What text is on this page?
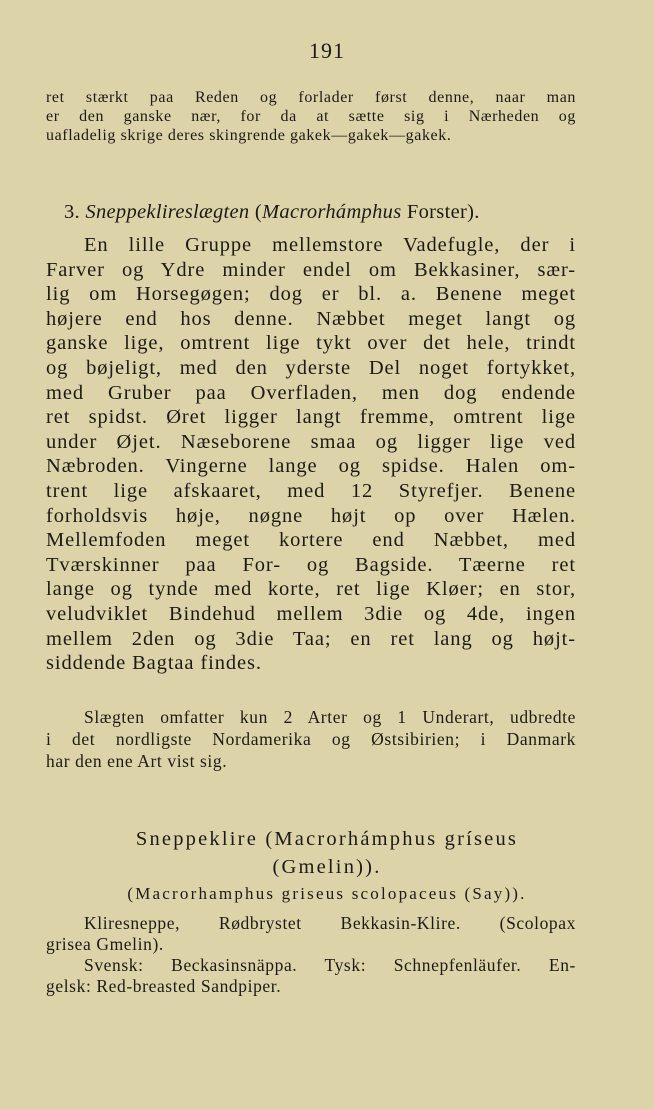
191
ret stærkt paa Reden og forlader først denne, naar man
er den ganske nær, for da at sætte sig i Nærheden og
uafladelig skrige deres skingrende gakek—gakek—gakek.
3. Sneppeklireslægten (Macrorhámphus Forster).
En lille Gruppe mellemstore Vadefugle, der i
Farver og Ydre minder endel om Bekkasiner, sær-
lig om Horsegøgen; dog er bl. a. Benene meget
højere end hos denne. Næbbet meget langt og
ganske lige, omtrent lige tykt over det hele, trindt
og bøjeligt, med den yderste Del noget fortykket,
med Gruber paa Overfladen, men dog endende
ret spidst. Øret ligger langt fremme, omtrent lige
under Øjet. Næseborene smaa og ligger lige ved
Næbroden. Vingerne lange og spidse. Halen om-
trent lige afskaaret, med 12 Styrefjer. Benene
forholdsvis høje, nøgne højt op over Hælen.
Mellemfoden meget kortere end Næbbet, med
Tværskinner paa For- og Bagside. Tæerne ret
lange og tynde med korte, ret lige Kløer; en stor,
veludviklet Bindehud mellem 3die og 4de, ingen
mellem 2den og 3die Taa; en ret lang og højt-
siddende Bagtaa findes.
Slægten omfatter kun 2 Arter og 1 Underart, udbredte
i det nordligste Nordamerika og Østsibirien; i Danmark
har den ene Art vist sig.
Sneppeklire (Macrorhámphus gríseus
(Gmelin)).
(Macrorhamphus griseus scolopaceus (Say)).
Kliresneppe, Rødbrystet Bekkasin-Klire. (Scolopax
grisea Gmelin).
Svensk: Beckasinsnäppa. Tysk: Schnepfenläufer. En-
gelsk: Red-breasted Sandpiper.
